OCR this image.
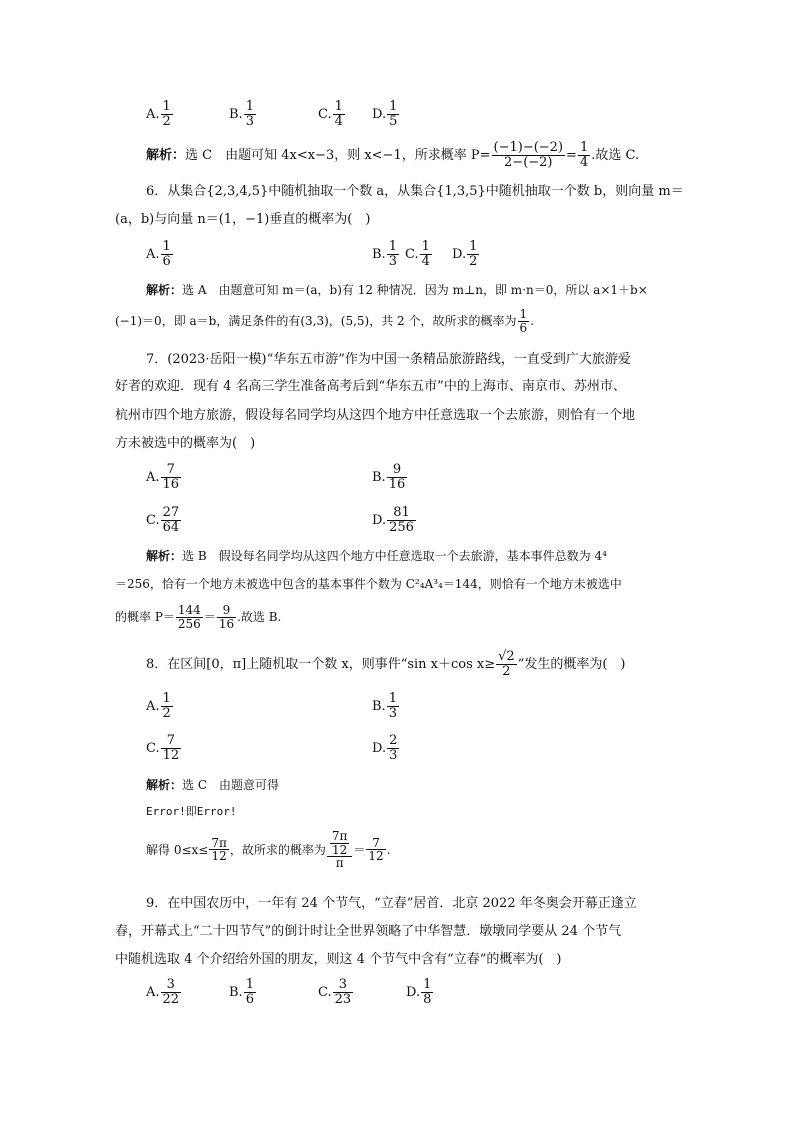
A. $\frac{1}{2}$	B. $\frac{1}{3}$	C. $\frac{1}{4} D$. $\frac{1}{5}$
解析： 选 C　由题可知 4x<x−3，则 x<−1，所求概率 $P= \frac{(-1)-(-2)}{2-(-2)} = \frac{1}{4}$ .故选 C.
6．从集合{2,3,4,5}中随机抽取一个数 a，从集合{1,3,5}中随机抽取一个数 b，则向量 m＝
(a，b)与向量 n＝(1，−1)垂直的概率为(　)
A. $\frac{1}{6}$	B. $\frac{1}{3} C$. $\frac{1}{4} D$. $\frac{1}{2}$
解析：选 A　由题意可知 m＝(a，b)有 12 种情况．因为 m⊥n，即 m·n＝0，所以 a×1＋b×
(−1)＝0，即 a＝b，满足条件的有(3,3)，(5,5)，共 2 个，故所求的概率为 $\frac{1}{6}$ .
7．(2023·岳阳一模)“华东五市游”作为中国一条精品旅游路线，一直受到广大旅游爱
好者的欢迎．现有 4 名高三学生准备高考后到“华东五市”中的上海市、南京市、苏州市、
杭州市四个地方旅游，假设每名同学均从这四个地方中任意选取一个去旅游，则恰有一个地
方未被选中的概率为(　)
A. $\frac{7}{16}$	B. $\frac{9}{16}$
C. $\frac{27}{64}$	D. $\frac{81}{256}$
解析：选 B　假设每名同学均从这四个地方中任意选取一个去旅游，基本事件总数为 4⁴
＝256，恰有一个地方未被选中包含的基本事件个数为 C²₄A³₄＝144，则恰有一个地方未被选中
的概率 $P= \frac{144}{256} = \frac{9}{16}$ .故选 B.
8．在区间[0，π]上随机取一个数 x，则事件“sin x＋cos $x\ge \frac{√2}{2}$ ”发生的概率为(　)
A. $\frac{1}{2}$	B. $\frac{1}{3}$
C. $\frac{7}{12}$	D. $\frac{2}{3}$
解析：选 C　由题意可得
Error!即Error!
解得 $0\le x\le \frac{7\pi}{12}$ ，故所求的概率为 $\frac{\frac{7\pi}{12}}{\pi} = \frac{7}{12}$ .
9．在中国农历中，一年有 24 个节气，“立春”居首．北京 2022 年冬奥会开幕正逢立
春，开幕式上“二十四节气”的倒计时让全世界领略了中华智慧．墩墩同学要从 24 个节气
中随机选取 4 个介绍给外国的朋友，则这 4 个节气中含有“立春”的概率为(　)
A. $\frac{3}{22}$	B. $\frac{1}{6}$	C. $\frac{3}{23}$	D. $\frac{1}{8}$
